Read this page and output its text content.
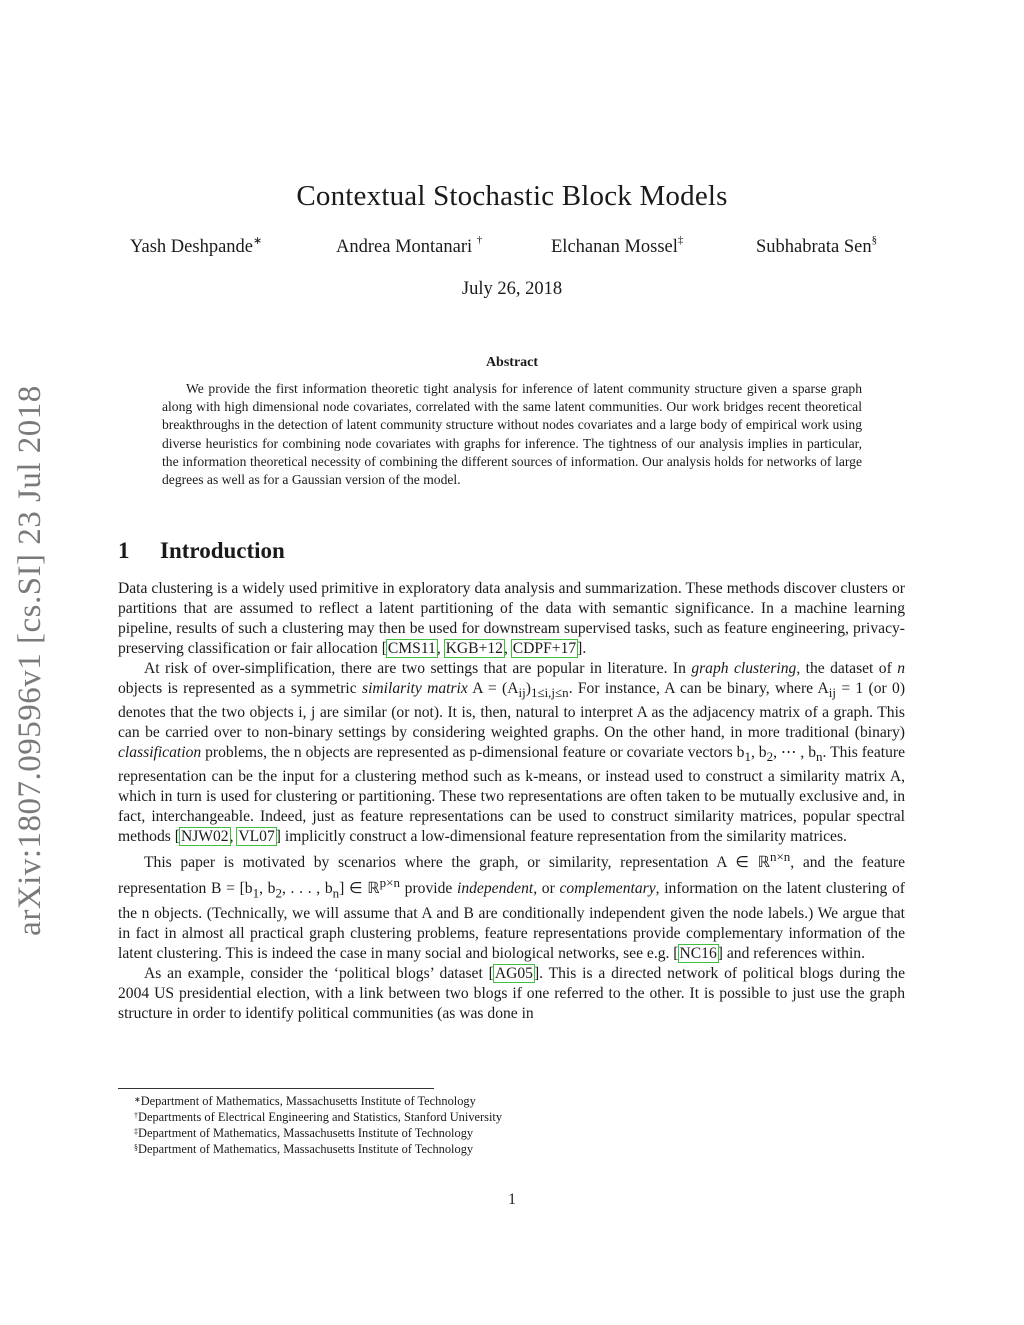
arXiv:1807.09596v1 [cs.SI] 23 Jul 2018
Contextual Stochastic Block Models
Yash Deshpande∗	Andrea Montanari †	Elchanan Mossel‡	Subhabrata Sen§
July 26, 2018
Abstract

We provide the first information theoretic tight analysis for inference of latent community structure given a sparse graph along with high dimensional node covariates, correlated with the same latent communities. Our work bridges recent theoretical breakthroughs in the detection of latent community structure without nodes covariates and a large body of empirical work using diverse heuristics for combining node covariates with graphs for inference. The tightness of our analysis implies in particular, the information theoretical necessity of combining the different sources of information. Our analysis holds for networks of large degrees as well as for a Gaussian version of the model.

1 Introduction

Data clustering is a widely used primitive in exploratory data analysis and summarization. These methods discover clusters or partitions that are assumed to reflect a latent partitioning of the data with semantic significance. In a machine learning pipeline, results of such a clustering may then be used for downstream supervised tasks, such as feature engineering, privacy-preserving classification or fair allocation [CMS11, KGB+12, CDPF+17].

At risk of over-simplification, there are two settings that are popular in literature. In graph clustering, the dataset of n objects is represented as a symmetric similarity matrix $A = (A_{ij})_{1\le i,j\le n}$. For instance, A can be binary, where $A_{ij} = 1$ (or 0) denotes that the two objects i, j are similar (or not). It is, then, natural to interpret A as the adjacency matrix of a graph. This can be carried over to non-binary settings by considering weighted graphs. On the other hand, in more traditional (binary) classification problems, the n objects are represented as p-dimensional feature or covariate vectors $b_1$, $b_2$, ⋯ , $b_n$. This feature representation can be the input for a clustering method such as k-means, or instead used to construct a similarity matrix A, which in turn is used for clustering or partitioning. These two representations are often taken to be mutually exclusive and, in fact, interchangeable. Indeed, just as feature representations can be used to construct similarity matrices, popular spectral methods [NJW02, VL07] implicitly construct a low-dimensional feature representation from the similarity matrices.

This paper is motivated by scenarios where the graph, or similarity, representation A ∈ ℝ$^{n\times n}$, and the feature representation $B = [b_1$, $b_2$, . . . , $b_n$] ∈ ℝ$^{p\times n}$ provide independent, or complementary, information on the latent clustering of the n objects. (Technically, we will assume that A and B are conditionally independent given the node labels.) We argue that in fact in almost all practical graph clustering problems, feature representations provide complementary information of the latent clustering. This is indeed the case in many social and biological networks, see e.g. [NC16] and references within.

As an example, consider the ‘political blogs’ dataset [AG05]. This is a directed network of political blogs during the 2004 US presidential election, with a link between two blogs if one referred to the other. It is possible to just use the graph structure in order to identify political communities (as was done in

∗Department of Mathematics, Massachusetts Institute of Technology
†Departments of Electrical Engineering and Statistics, Stanford University
‡Department of Mathematics, Massachusetts Institute of Technology
§Department of Mathematics, Massachusetts Institute of Technology
1
